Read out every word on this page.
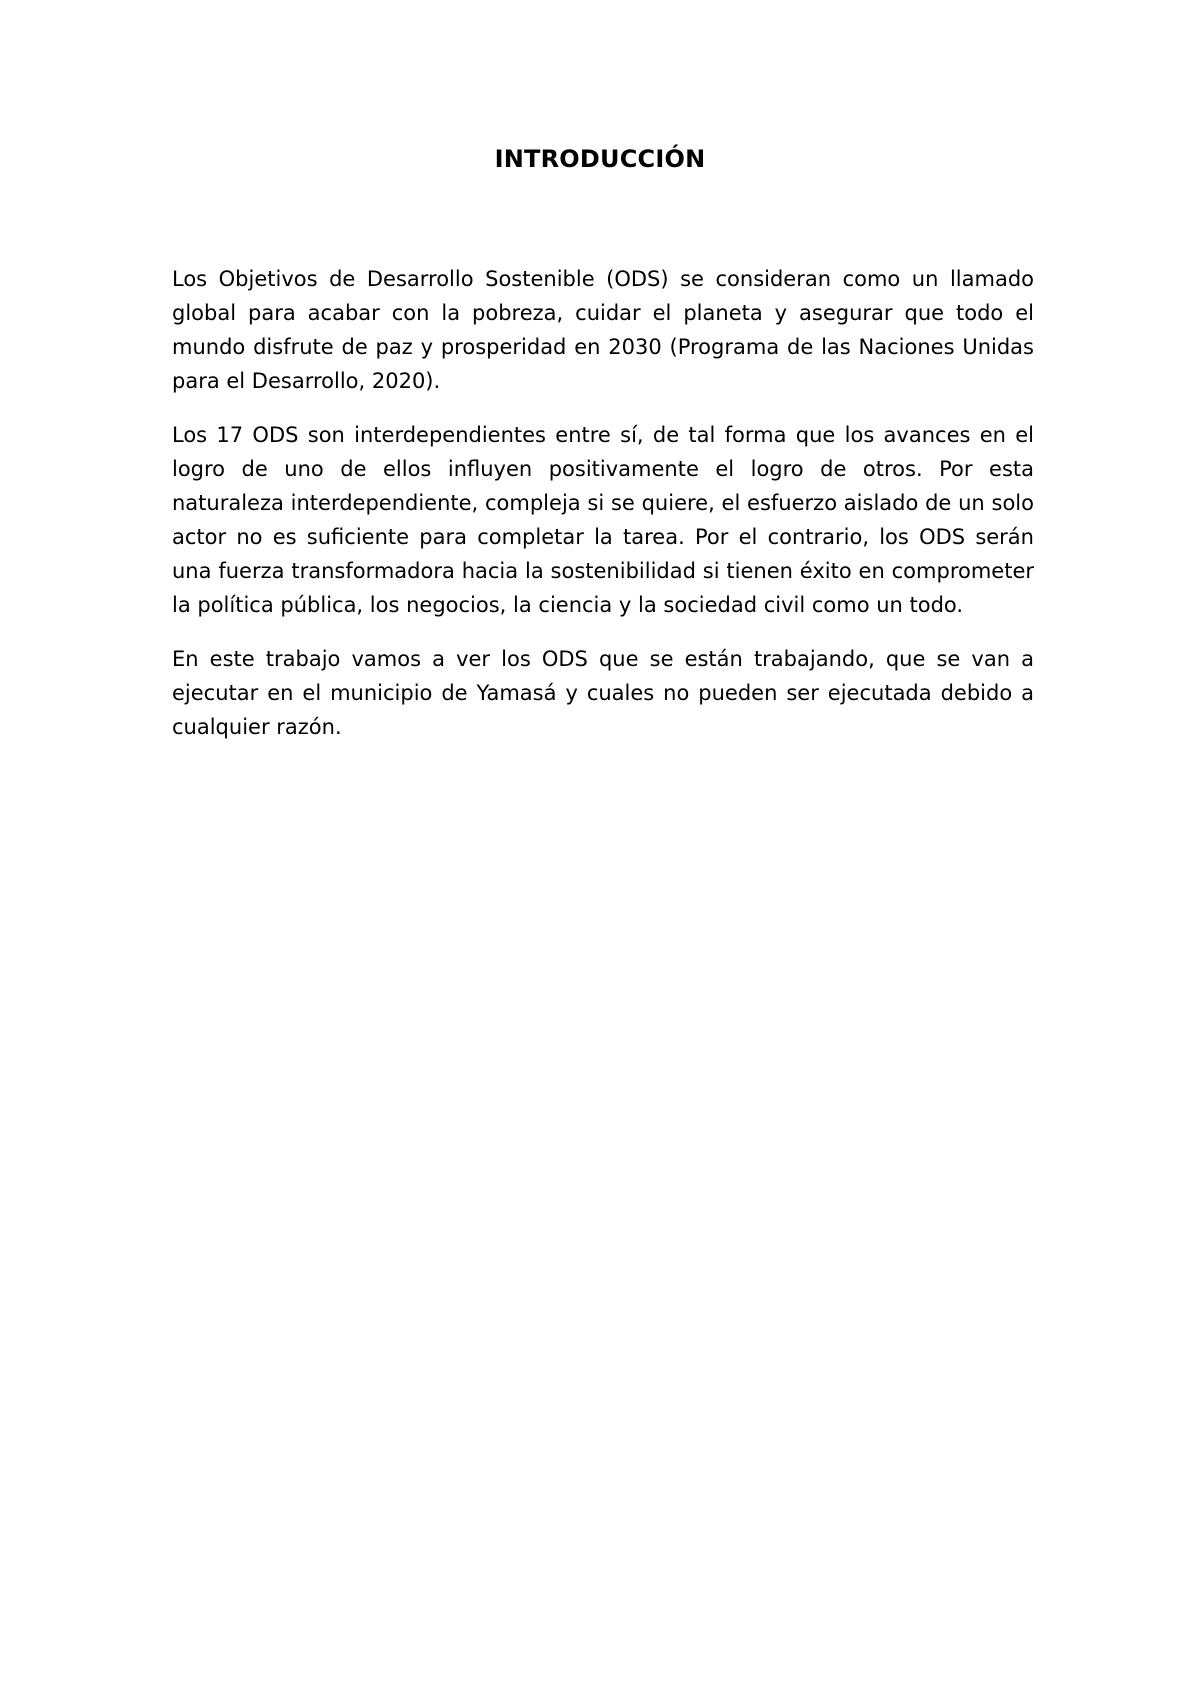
INTRODUCCIÓN

Los Objetivos de Desarrollo Sostenible (ODS) se consideran como un llamado global para acabar con la pobreza, cuidar el planeta y asegurar que todo el mundo disfrute de paz y prosperidad en 2030 (Programa de las Naciones Unidas para el Desarrollo, 2020).

Los 17 ODS son interdependientes entre sí, de tal forma que los avances en el logro de uno de ellos influyen positivamente el logro de otros. Por esta naturaleza interdependiente, compleja si se quiere, el esfuerzo aislado de un solo actor no es suficiente para completar la tarea. Por el contrario, los ODS serán una fuerza transformadora hacia la sostenibilidad si tienen éxito en comprometer la política pública, los negocios, la ciencia y la sociedad civil como un todo.

En este trabajo vamos a ver los ODS que se están trabajando, que se van a ejecutar en el municipio de Yamasá y cuales no pueden ser ejecutada debido a cualquier razón.
